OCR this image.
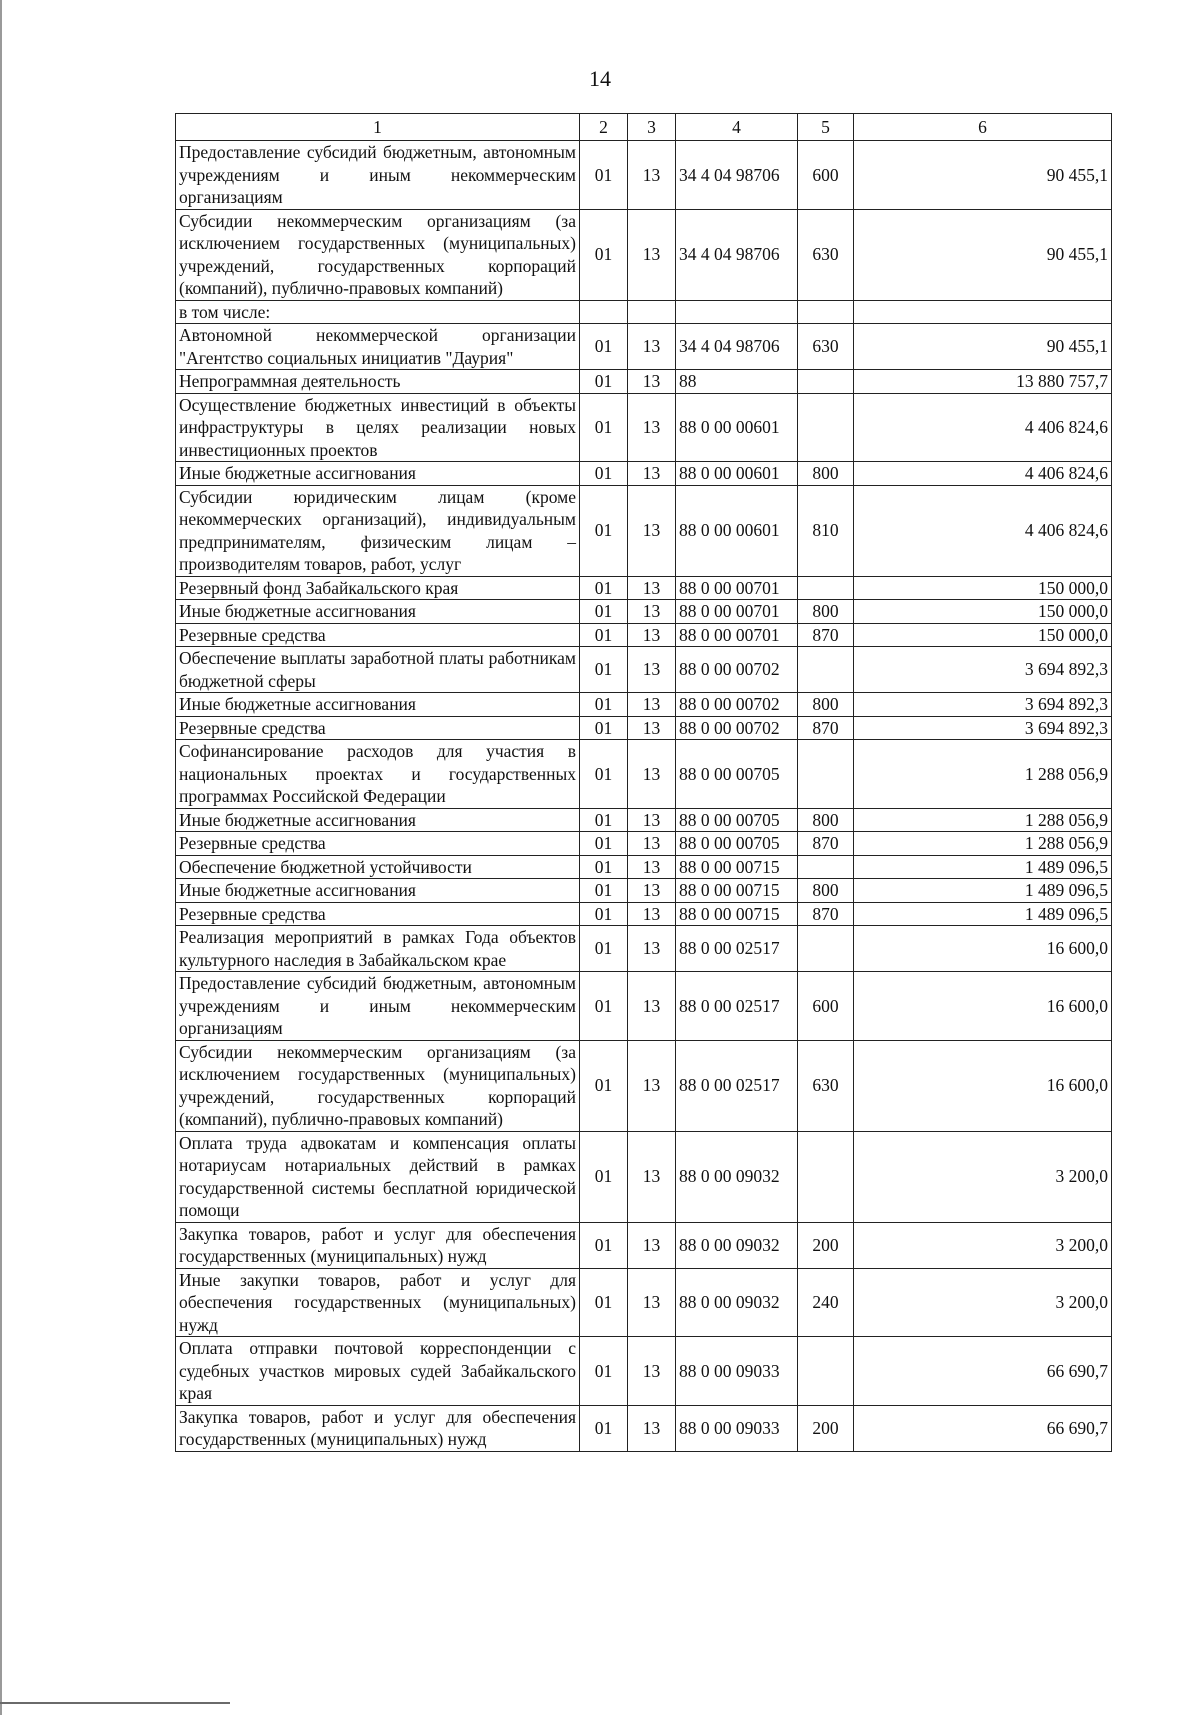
14
1	2	3	4	5	6
Предоставление субсидий бюджетным, автономным учреждениям и иным некоммерческим организациям	01	13	34 4 04 98706	600	90 455,1
Субсидии некоммерческим организациям (за исключением государственных (муниципальных) учреждений, государственных корпораций (компаний), публично-правовых компаний)	01	13	34 4 04 98706	630	90 455,1
в том числе:					
Автономной некоммерческой организации "Агентство социальных инициатив "Даурия"	01	13	34 4 04 98706	630	90 455,1
Непрограммная деятельность	01	13	88		13 880 757,7
Осуществление бюджетных инвестиций в объекты инфраструктуры в целях реализации новых инвестиционных проектов	01	13	88 0 00 00601		4 406 824,6
Иные бюджетные ассигнования	01	13	88 0 00 00601	800	4 406 824,6
Субсидии юридическим лицам (кроме некоммерческих организаций), индивидуальным предпринимателям, физическим лицам – производителям товаров, работ, услуг	01	13	88 0 00 00601	810	4 406 824,6
Резервный фонд Забайкальского края	01	13	88 0 00 00701		150 000,0
Иные бюджетные ассигнования	01	13	88 0 00 00701	800	150 000,0
Резервные средства	01	13	88 0 00 00701	870	150 000,0
Обеспечение выплаты заработной платы работникам бюджетной сферы	01	13	88 0 00 00702		3 694 892,3
Иные бюджетные ассигнования	01	13	88 0 00 00702	800	3 694 892,3
Резервные средства	01	13	88 0 00 00702	870	3 694 892,3
Софинансирование расходов для участия в национальных проектах и государственных программах Российской Федерации	01	13	88 0 00 00705		1 288 056,9
Иные бюджетные ассигнования	01	13	88 0 00 00705	800	1 288 056,9
Резервные средства	01	13	88 0 00 00705	870	1 288 056,9
Обеспечение бюджетной устойчивости	01	13	88 0 00 00715		1 489 096,5
Иные бюджетные ассигнования	01	13	88 0 00 00715	800	1 489 096,5
Резервные средства	01	13	88 0 00 00715	870	1 489 096,5
Реализация мероприятий в рамках Года объектов культурного наследия в Забайкальском крае	01	13	88 0 00 02517		16 600,0
Предоставление субсидий бюджетным, автономным учреждениям и иным некоммерческим организациям	01	13	88 0 00 02517	600	16 600,0
Субсидии некоммерческим организациям (за исключением государственных (муниципальных) учреждений, государственных корпораций (компаний), публично-правовых компаний)	01	13	88 0 00 02517	630	16 600,0
Оплата труда адвокатам и компенсация оплаты нотариусам нотариальных действий в рамках государственной системы бесплатной юридической помощи	01	13	88 0 00 09032		3 200,0
Закупка товаров, работ и услуг для обеспечения государственных (муниципальных) нужд	01	13	88 0 00 09032	200	3 200,0
Иные закупки товаров, работ и услуг для обеспечения государственных (муниципальных) нужд	01	13	88 0 00 09032	240	3 200,0
Оплата отправки почтовой корреспонденции с судебных участков мировых судей Забайкальского края	01	13	88 0 00 09033		66 690,7
Закупка товаров, работ и услуг для обеспечения государственных (муниципальных) нужд	01	13	88 0 00 09033	200	66 690,7
